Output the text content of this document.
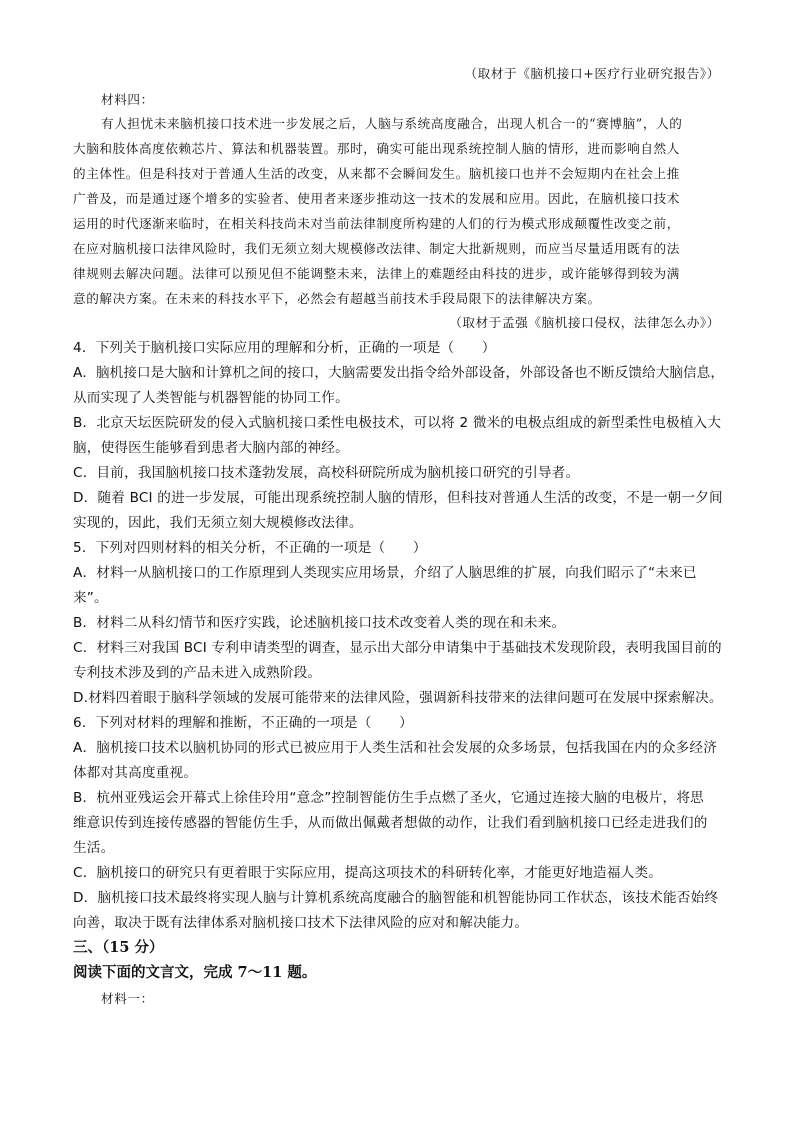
（取材于《脑机接口+医疗行业研究报告》）
材料四：
有人担忧未来脑机接口技术进一步发展之后，人脑与系统高度融合，出现人机合一的“赛博脑”，人的
大脑和肢体高度依赖芯片、算法和机器装置。那时，确实可能出现系统控制人脑的情形，进而影响自然人
的主体性。但是科技对于普通人生活的改变，从来都不会瞬间发生。脑机接口也并不会短期内在社会上推
广普及，而是通过逐个增多的实验者、使用者来逐步推动这一技术的发展和应用。因此，在脑机接口技术
运用的时代逐渐来临时，在相关科技尚未对当前法律制度所构建的人们的行为模式形成颠覆性改变之前，
在应对脑机接口法律风险时，我们无须立刻大规模修改法律、制定大批新规则，而应当尽量适用既有的法
律规则去解决问题。法律可以预见但不能调整未来，法律上的难题经由科技的进步，或许能够得到较为满
意的解决方案。在未来的科技水平下，必然会有超越当前技术手段局限下的法律解决方案。
（取材于孟强《脑机接口侵权，法律怎么办》）
4．下列关于脑机接口实际应用的理解和分析，正确的一项是（　　）
A．脑机接口是大脑和计算机之间的接口，大脑需要发出指令给外部设备，外部设备也不断反馈给大脑信息，
从而实现了人类智能与机器智能的协同工作。
B．北京天坛医院研发的侵入式脑机接口柔性电极技术，可以将 2 微米的电极点组成的新型柔性电极植入大
脑，使得医生能够看到患者大脑内部的神经。
C．目前，我国脑机接口技术蓬勃发展，高校科研院所成为脑机接口研究的引导者。
D．随着 BCI 的进一步发展，可能出现系统控制人脑的情形，但科技对普通人生活的改变，不是一朝一夕间
实现的，因此，我们无须立刻大规模修改法律。
5．下列对四则材料的相关分析，不正确的一项是（　　）
A．材料一从脑机接口的工作原理到人类现实应用场景，介绍了人脑思维的扩展，向我们昭示了“未来已
来”。
B．材料二从科幻情节和医疗实践，论述脑机接口技术改变着人类的现在和未来。
C．材料三对我国 BCI 专利申请类型的调查，显示出大部分申请集中于基础技术发现阶段，表明我国目前的
专利技术涉及到的产品未进入成熟阶段。
D.材料四着眼于脑科学领域的发展可能带来的法律风险，强调新科技带来的法律问题可在发展中探索解决。
6．下列对材料的理解和推断，不正确的一项是（　　）
A．脑机接口技术以脑机协同的形式已被应用于人类生活和社会发展的众多场景，包括我国在内的众多经济
体都对其高度重视。
B．杭州亚残运会开幕式上徐佳玲用“意念”控制智能仿生手点燃了圣火，它通过连接大脑的电极片，将思
维意识传到连接传感器的智能仿生手，从而做出佩戴者想做的动作，让我们看到脑机接口已经走进我们的
生活。
C．脑机接口的研究只有更着眼于实际应用，提高这项技术的科研转化率，才能更好地造福人类。
D．脑机接口技术最终将实现人脑与计算机系统高度融合的脑智能和机智能协同工作状态，该技术能否始终
向善，取决于既有法律体系对脑机接口技术下法律风险的应对和解决能力。
三、（15 分）
阅读下面的文言文，完成 7～11 题。
材料一：
